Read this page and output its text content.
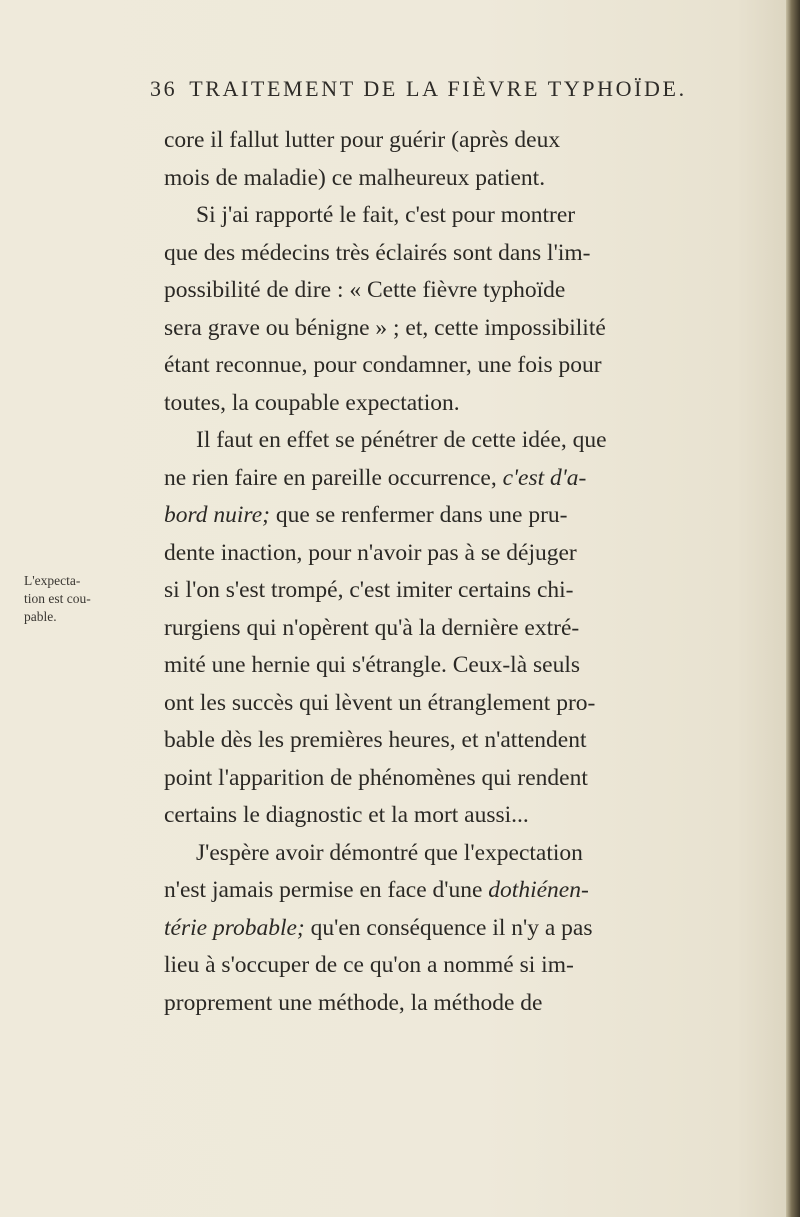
36 TRAITEMENT DE LA FIÈVRE TYPHOÏDE.
L'expecta-
tion est cou-
pable.
core il fallut lutter pour guérir (après deux
mois de maladie) ce malheureux patient.
Si j'ai rapporté le fait, c'est pour montrer
que des médecins très éclairés sont dans l'im-
possibilité de dire : « Cette fièvre typhoïde
sera grave ou bénigne » ; et, cette impossibilité
étant reconnue, pour condamner, une fois pour
toutes, la coupable expectation.
Il faut en effet se pénétrer de cette idée, que
ne rien faire en pareille occurrence, c'est d'a-
bord nuire; que se renfermer dans une pru-
dente inaction, pour n'avoir pas à se déjuger
si l'on s'est trompé, c'est imiter certains chi-
rurgiens qui n'opèrent qu'à la dernière extré-
mité une hernie qui s'étrangle. Ceux-là seuls
ont les succès qui lèvent un étranglement pro-
bable dès les premières heures, et n'attendent
point l'apparition de phénomènes qui rendent
certains le diagnostic et la mort aussi...
J'espère avoir démontré que l'expectation
n'est jamais permise en face d'une dothiénen-
térie probable; qu'en conséquence il n'y a pas
lieu à s'occuper de ce qu'on a nommé si im-
proprement une méthode, la méthode de
